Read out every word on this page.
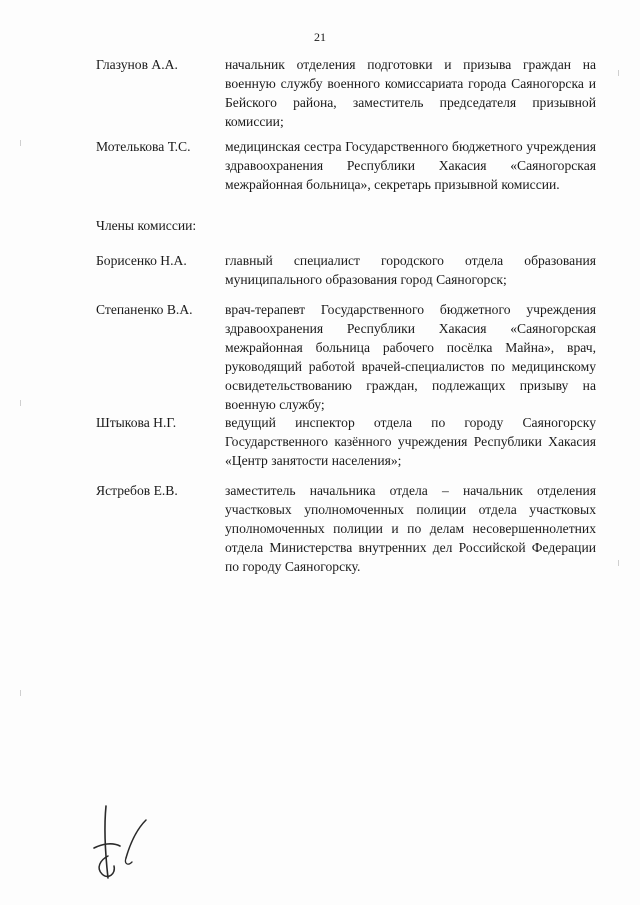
21
Глазунов А.А.	начальник отделения подготовки и призыва граждан на военную службу военного комиссариата города Саяногорска и Бейского района, заместитель председателя призывной комиссии;
Мотелькова Т.С.	медицинская сестра Государственного бюджетного учреждения здравоохранения Республики Хакасия «Саяногорская межрайонная больница», секретарь призывной комиссии.
Члены комиссии:
Борисенко Н.А.	главный специалист городского отдела образования муниципального образования город Саяногорск;
Степаненко В.А. врач-терапевт Государственного бюджетного учреждения здравоохранения Республики Хакасия «Саяногорская межрайонная больница рабочего посёлка Майна», врач, руководящий работой врачей-специалистов по медицинскому освидетельствованию граждан, подлежащих призыву на военную службу;
Штыкова Н.Г.	ведущий инспектор отдела по городу Саяногорску Государственного казённого учреждения Республики Хакасия «Центр занятости населения»;
Ястребов Е.В.	заместитель начальника отдела – начальник отделения участковых уполномоченных полиции отдела участковых уполномоченных полиции и по делам несовершеннолетних отдела Министерства внутренних дел Российской Федерации по городу Саяногорску.
